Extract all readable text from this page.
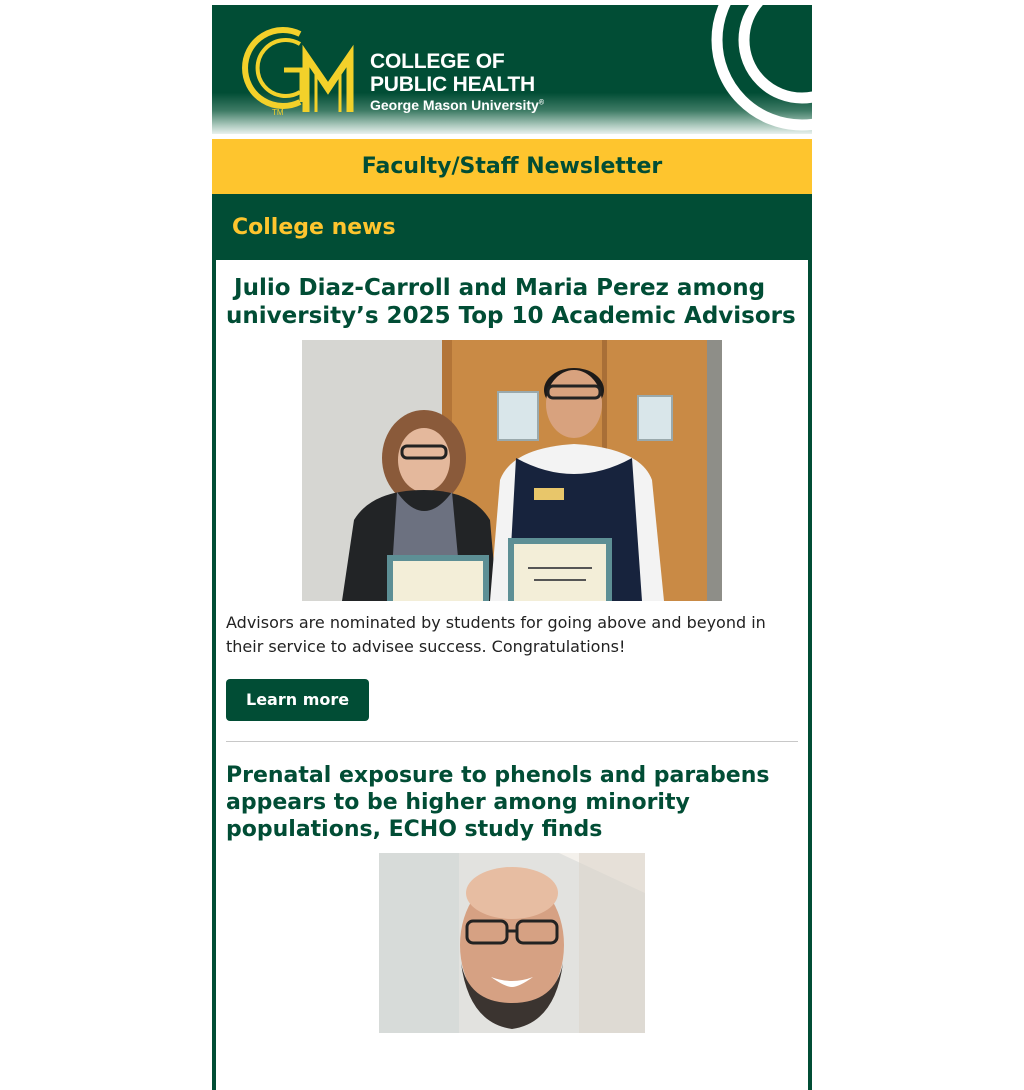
TM
COLLEGE OF
PUBLIC HEALTH
George Mason University®
Faculty/Staff Newsletter
College news
Julio Diaz-Carroll and Maria Perez among university’s 2025 Top 10 Academic Advisors

Advisors are nominated by students for going above and beyond in their service to advisee success. Congratulations!

Learn more
Prenatal exposure to phenols and parabens appears to be higher among minority populations, ECHO study finds
